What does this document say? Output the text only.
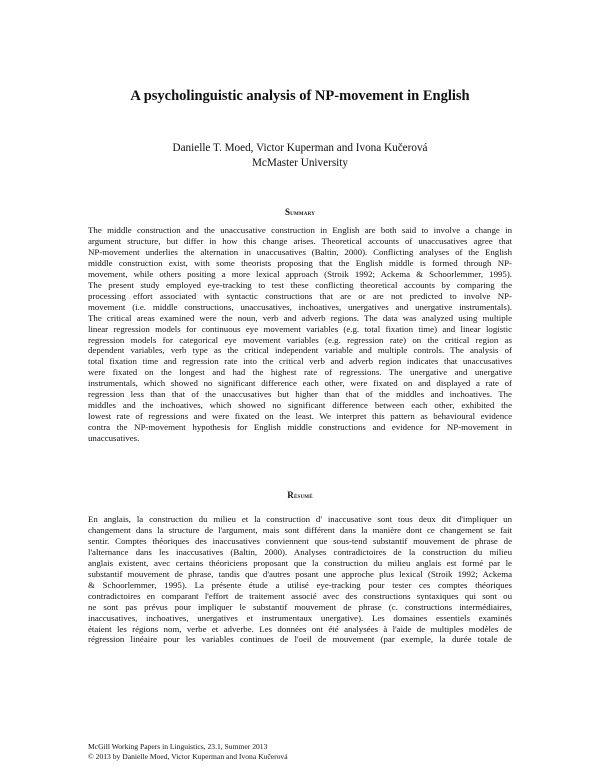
A psycholinguistic analysis of NP-movement in English
Danielle T. Moed, Victor Kuperman and Ivona Kučerová
McMaster University
Summary
The middle construction and the unaccusative construction in English are both said to involve a change in
argument structure, but differ in how this change arises. Theoretical accounts of unaccusatives agree that
NP-movement underlies the alternation in unaccusatives (Baltin, 2000). Conflicting analyses of the English
middle construction exist, with some theorists proposing that the English middle is formed through NP-
movement, while others positing a more lexical approach (Stroik 1992; Ackema & Schoorlemmer, 1995).
The present study employed eye-tracking to test these conflicting theoretical accounts by comparing the
processing effort associated with syntactic constructions that are or are not predicted to involve NP-
movement (i.e. middle constructions, unaccusatives, inchoatives, unergatives and unergative instrumentals).
The critical areas examined were the noun, verb and adverb regions. The data was analyzed using multiple
linear regression models for continuous eye movement variables (e.g. total fixation time) and linear logistic
regression models for categorical eye movement variables (e.g. regression rate) on the critical region as
dependent variables, verb type as the critical independent variable and multiple controls. The analysis of
total fixation time and regression rate into the critical verb and adverb region indicates that unaccusatives
were fixated on the longest and had the highest rate of regressions. The unergative and unergative
instrumentals, which showed no significant difference each other, were fixated on and displayed a rate of
regression less than that of the unaccusatives but higher than that of the middles and inchoatives. The
middles and the inchoatives, which showed no significant difference between each other, exhibited the
lowest rate of regressions and were fixated on the least. We interpret this pattern as behavioural evidence
contra the NP-movement hypothesis for English middle constructions and evidence for NP-movement in
unaccusatives.
Résumé
En anglais, la construction du milieu et la construction d' inaccusative sont tous deux dit d'impliquer un
changement dans la structure de l'argument, mais sont différent dans la manière dont ce changement se fait
sentir. Comptes théoriques des inaccusatives conviennent que sous-tend substantif mouvement de phrase de
l'alternance dans les inaccusatives (Baltin, 2000). Analyses contradictoires de la construction du milieu
anglais existent, avec certains théoriciens proposant que la construction du milieu anglais est formé par le
substantif mouvement de phrase, tandis que d'autres posant une approche plus lexical (Stroik 1992; Ackema
& Schoorlemmer, 1995). La présente étude a utilisé eye-tracking pour tester ces comptes théoriques
contradictoires en comparant l'effort de traitement associé avec des constructions syntaxiques qui sont ou
ne sont pas prévus pour impliquer le substantif mouvement de phrase (c. constructions intermédiaires,
inaccusatives, inchoatives, unergatives et instrumentaux unergative). Les domaines essentiels examinés
étaient les régions nom, verbe et adverbe. Les données ont été analysées à l'aide de multiples modèles de
régression linéaire pour les variables continues de l'oeil de mouvement (par exemple, la durée totale de
McGill Working Papers in Linguistics, 23.1, Summer 2013
© 2013 by Danielle Moed, Victor Kuperman and Ivona Kučerová
